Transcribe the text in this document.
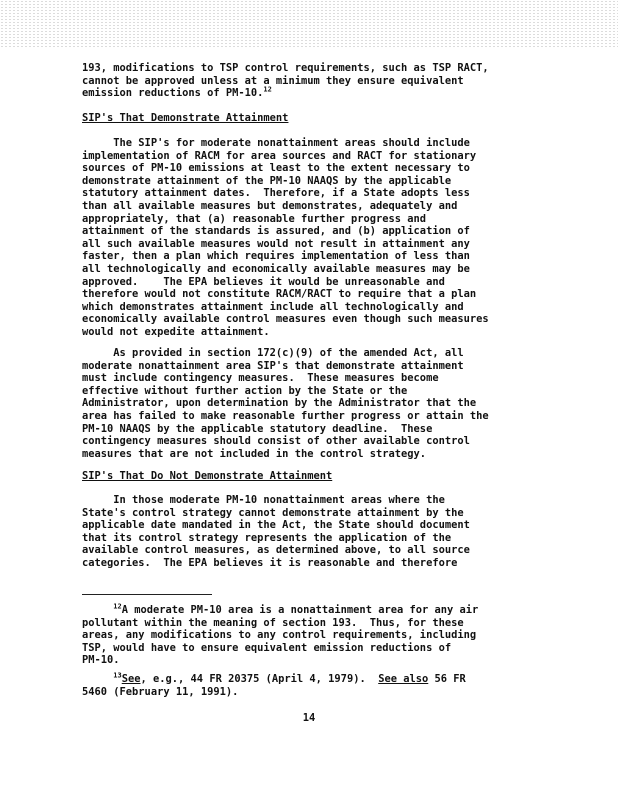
193, modifications to TSP control requirements, such as TSP RACT,
cannot be approved unless at a minimum they ensure equivalent
emission reductions of PM-10.12
SIP's That Demonstrate Attainment
The SIP's for moderate nonattainment areas should include
implementation of RACM for area sources and RACT for stationary
sources of PM-10 emissions at least to the extent necessary to
demonstrate attainment of the PM-10 NAAQS by the applicable
statutory attainment dates.  Therefore, if a State adopts less
than all available measures but demonstrates, adequately and
appropriately, that (a) reasonable further progress and
attainment of the standards is assured, and (b) application of
all such available measures would not result in attainment any
faster, then a plan which requires implementation of less than
all technologically and economically available measures may be
approved.    The EPA believes it would be unreasonable and
therefore would not constitute RACM/RACT to require that a plan
which demonstrates attainment include all technologically and
economically available control measures even though such measures
would not expedite attainment.
As provided in section 172(c)(9) of the amended Act, all
moderate nonattainment area SIP's that demonstrate attainment
must include contingency measures.  These measures become
effective without further action by the State or the
Administrator, upon determination by the Administrator that the
area has failed to make reasonable further progress or attain the
PM-10 NAAQS by the applicable statutory deadline.  These
contingency measures should consist of other available control
measures that are not included in the control strategy.
SIP's That Do Not Demonstrate Attainment
In those moderate PM-10 nonattainment areas where the
State's control strategy cannot demonstrate attainment by the
applicable date mandated in the Act, the State should document
that its control strategy represents the application of the
available control measures, as determined above, to all source
categories.  The EPA believes it is reasonable and therefore
$^{12}$A moderate PM-10 area is a nonattainment area for any air
pollutant within the meaning of section 193.  Thus, for these
areas, any modifications to any control requirements, including
TSP, would have to ensure equivalent emission reductions of
PM-10.
$^{13}$See, e.g., 44 FR 20375 (April 4, 1979).  See also 56 FR
5460 (February 11, 1991).
14
